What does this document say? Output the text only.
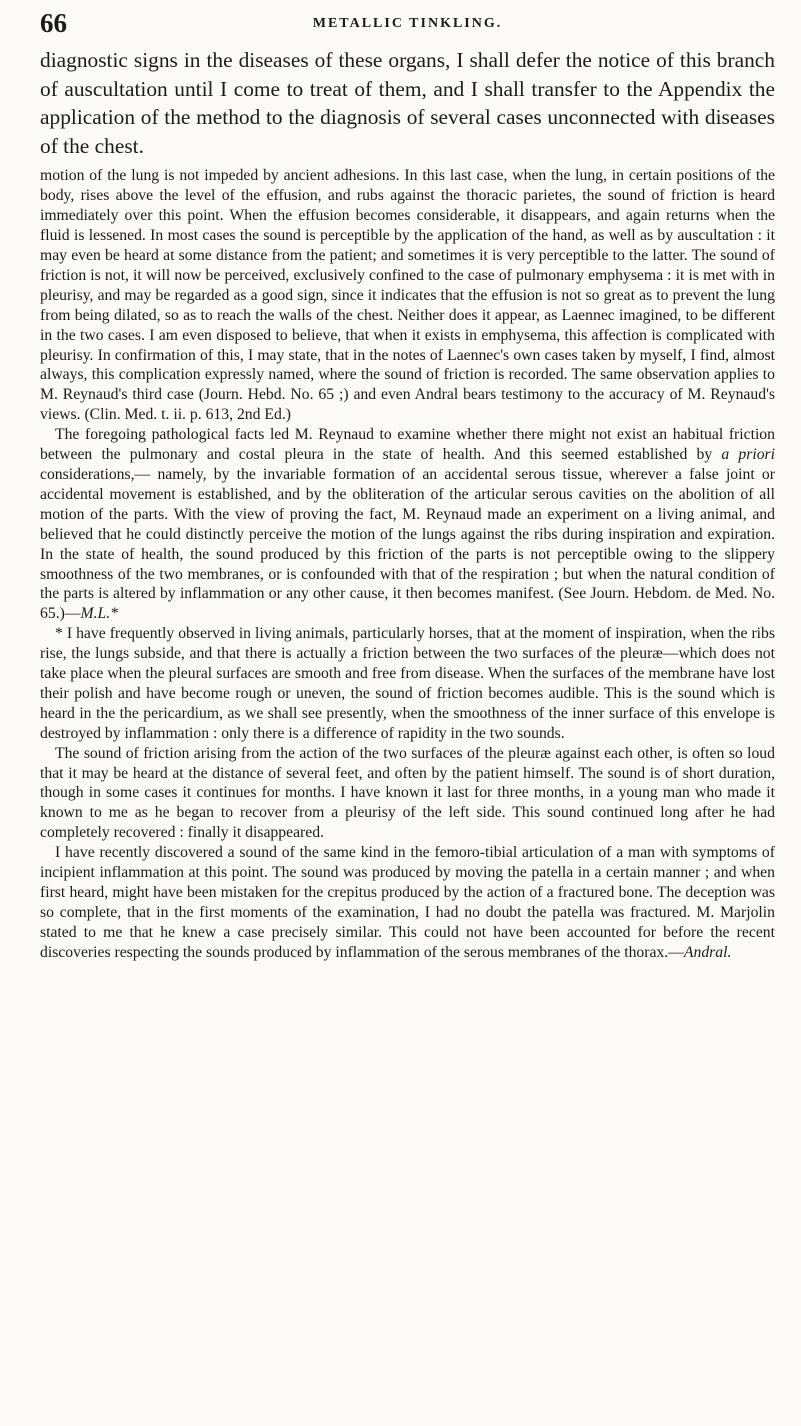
66	METALLIC TINKLING.

diagnostic signs in the diseases of these organs, I shall defer the notice of this branch of auscultation until I come to treat of them, and I shall transfer to the Appendix the application of the method to the diagnosis of several cases unconnected with diseases of the chest.

motion of the lung is not impeded by ancient adhesions. In this last case, when the lung, in certain positions of the body, rises above the level of the effusion, and rubs against the thoracic parietes, the sound of friction is heard immediately over this point. When the effusion becomes considerable, it disappears, and again returns when the fluid is lessened. In most cases the sound is perceptible by the application of the hand, as well as by auscultation : it may even be heard at some distance from the patient; and sometimes it is very perceptible to the latter. The sound of friction is not, it will now be perceived, exclusively confined to the case of pulmonary emphysema : it is met with in pleurisy, and may be regarded as a good sign, since it indicates that the effusion is not so great as to prevent the lung from being dilated, so as to reach the walls of the chest. Neither does it appear, as Laennec imagined, to be different in the two cases. I am even disposed to believe, that when it exists in emphysema, this affection is complicated with pleurisy. In confirmation of this, I may state, that in the notes of Laennec's own cases taken by myself, I find, almost always, this complication expressly named, where the sound of friction is recorded. The same observation applies to M. Reynaud's third case (Journ. Hebd. No. 65 ;) and even Andral bears testimony to the accuracy of M. Reynaud's views. (Clin. Med. t. ii. p. 613, 2nd Ed.)

The foregoing pathological facts led M. Reynaud to examine whether there might not exist an habitual friction between the pulmonary and costal pleura in the state of health. And this seemed established by a priori considerations,— namely, by the invariable formation of an accidental serous tissue, wherever a false joint or accidental movement is established, and by the obliteration of the articular serous cavities on the abolition of all motion of the parts. With the view of proving the fact, M. Reynaud made an experiment on a living animal, and believed that he could distinctly perceive the motion of the lungs against the ribs during inspiration and expiration. In the state of health, the sound produced by this friction of the parts is not perceptible owing to the slippery smoothness of the two membranes, or is confounded with that of the respiration ; but when the natural condition of the parts is altered by inflammation or any other cause, it then becomes manifest. (See Journ. Hebdom. de Med. No. 65.)—M.L.*

* I have frequently observed in living animals, particularly horses, that at the moment of inspiration, when the ribs rise, the lungs subside, and that there is actually a friction between the two surfaces of the pleuræ—which does not take place when the pleural surfaces are smooth and free from disease. When the surfaces of the membrane have lost their polish and have become rough or uneven, the sound of friction becomes audible. This is the sound which is heard in the the pericardium, as we shall see presently, when the smoothness of the inner surface of this envelope is destroyed by inflammation : only there is a difference of rapidity in the two sounds.

The sound of friction arising from the action of the two surfaces of the pleuræ against each other, is often so loud that it may be heard at the distance of several feet, and often by the patient himself. The sound is of short duration, though in some cases it continues for months. I have known it last for three months, in a young man who made it known to me as he began to recover from a pleurisy of the left side. This sound continued long after he had completely recovered : finally it disappeared.

I have recently discovered a sound of the same kind in the femoro-tibial articulation of a man with symptoms of incipient inflammation at this point. The sound was produced by moving the patella in a certain manner ; and when first heard, might have been mistaken for the crepitus produced by the action of a fractured bone. The deception was so complete, that in the first moments of the examination, I had no doubt the patella was fractured. M. Marjolin stated to me that he knew a case precisely similar. This could not have been accounted for before the recent discoveries respecting the sounds produced by inflammation of the serous membranes of the thorax.—Andral.
